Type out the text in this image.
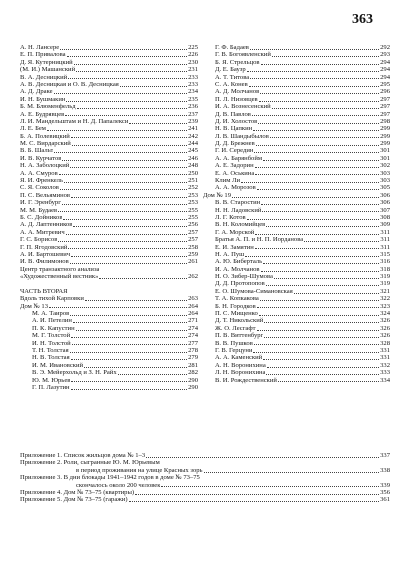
363
А. Н. Лансере	225
Е. П. Привалова	226
Д. Я. Кутерницкий	230
(М. И.) Машанский	231
В. А. Десницкий	233
А. В. Десницкая и О. В. Десницкая	233
А. Д. Драке	234
И. Н. Бушмакин	235
Б. М. Блюменфельд	236
А. Е. Будрявцев	237
Л. И. Мандельштам и Н. Д. Папалекси	239
Л. Е. Бем	241
Б. А. Полевицкий	242
М. С. Вирдарский	244
В. Б. Шальт	245
И. В. Курчатов	246
Н. А. Заболоцкий	248
А. А. Смуров	250
Я. И. Френкель	251
С. Я. Соколов	252
П. С. Вельяминов	253
И. Г. Эренбург	253
М. М. Будаев	255
Б. С. Дойников	255
А. Д. Лаптенников	256
А. А. Митревич	257
Г. С. Борисов	257
Г. П. Ягодовский	258
А. И. Бартошевич	259
И. В. Филимонов	261
Центр транзактного анализа
«Художественный вестник»	262
ЧАСТЬ ВТОРАЯ
Вдоль тихой Карповки	263
Дом № 13	264
М. А. Таиров	264
А. И. Петелин	271
П. К. Капустин	274
М. Г. Толстой	274
И. Н. Толстой	277
Т. Н. Толстая	278
Н. В. Толстая	279
И. М. Ивановский	281
В. Э. Мейерхольд и З. Н. Райх	282
Ю. М. Юрьев	290
Г. П. Лазутин	290
Г. Ф. Бадаев	292
Г. В. Богоявленский	293
Б. Я. Стрельцов	294
Д. Е. Баузр	294
А. Т. Титова	294
С. А. Конев	295
А. Д. Молчанов	296
П. Л. Низовцев	297
И. А. Вознесенский	297
Д. В. Павлов	297
Д. И. Холостов	298
Н. В. Цапкин	299
Л. В. Шандыбылов	299
Д. Д. Брежнев	299
Г. И. Середин	301
А. А. Барянбойм	301
А. Е. Задорин	302
Е. А. Оськина	303
Клим Ли	303
А. А. Морозов	305
Дом № 19	306
В. В. Старостин	306
Н. Н. Ладовский	307
Л. Г. Котов	308
В. Н. Коломийцев	309
Г. А. Морской	311
Братья А. П. и Н. П. Иорданова	311
Е. И. Замятин	311
Н. А. Пуш	315
А. Ю. Биберталь	316
И. А. Молчанов	318
Н. О. Зибер-Шумова	319
Д. Д. Протопопов	319
Е. О. Шумова-Симановская	321
Т. А. Копкакова	322
Б. Н. Городков	323
П. С. Мищенко	324
Д. Т. Никольский	326
Ж. О. Лесгафт	326
П. В. Виттенбург	326
В. В. Пушков	328
Г. В. Герцуни	331
А. А. Каменский	331
А. Н. Воронихина	332
Л. Н. Воронихина	333
В. И. Рождественский	334
Приложение 1. Список жильцов дома № 1–3	337
Приложение 2. Роли, сыгранные Ю. М. Юрьевым
в период проживания на улице Красных зорь	338
Приложение 3. В дни блокады 1941–1942 годов в доме № 73–75
скончалось около 200 человек	339
Приложение 4. Дом № 73–75 (квартиры)	356
Приложение 5. Дом № 73–75 (гаражи)	361
